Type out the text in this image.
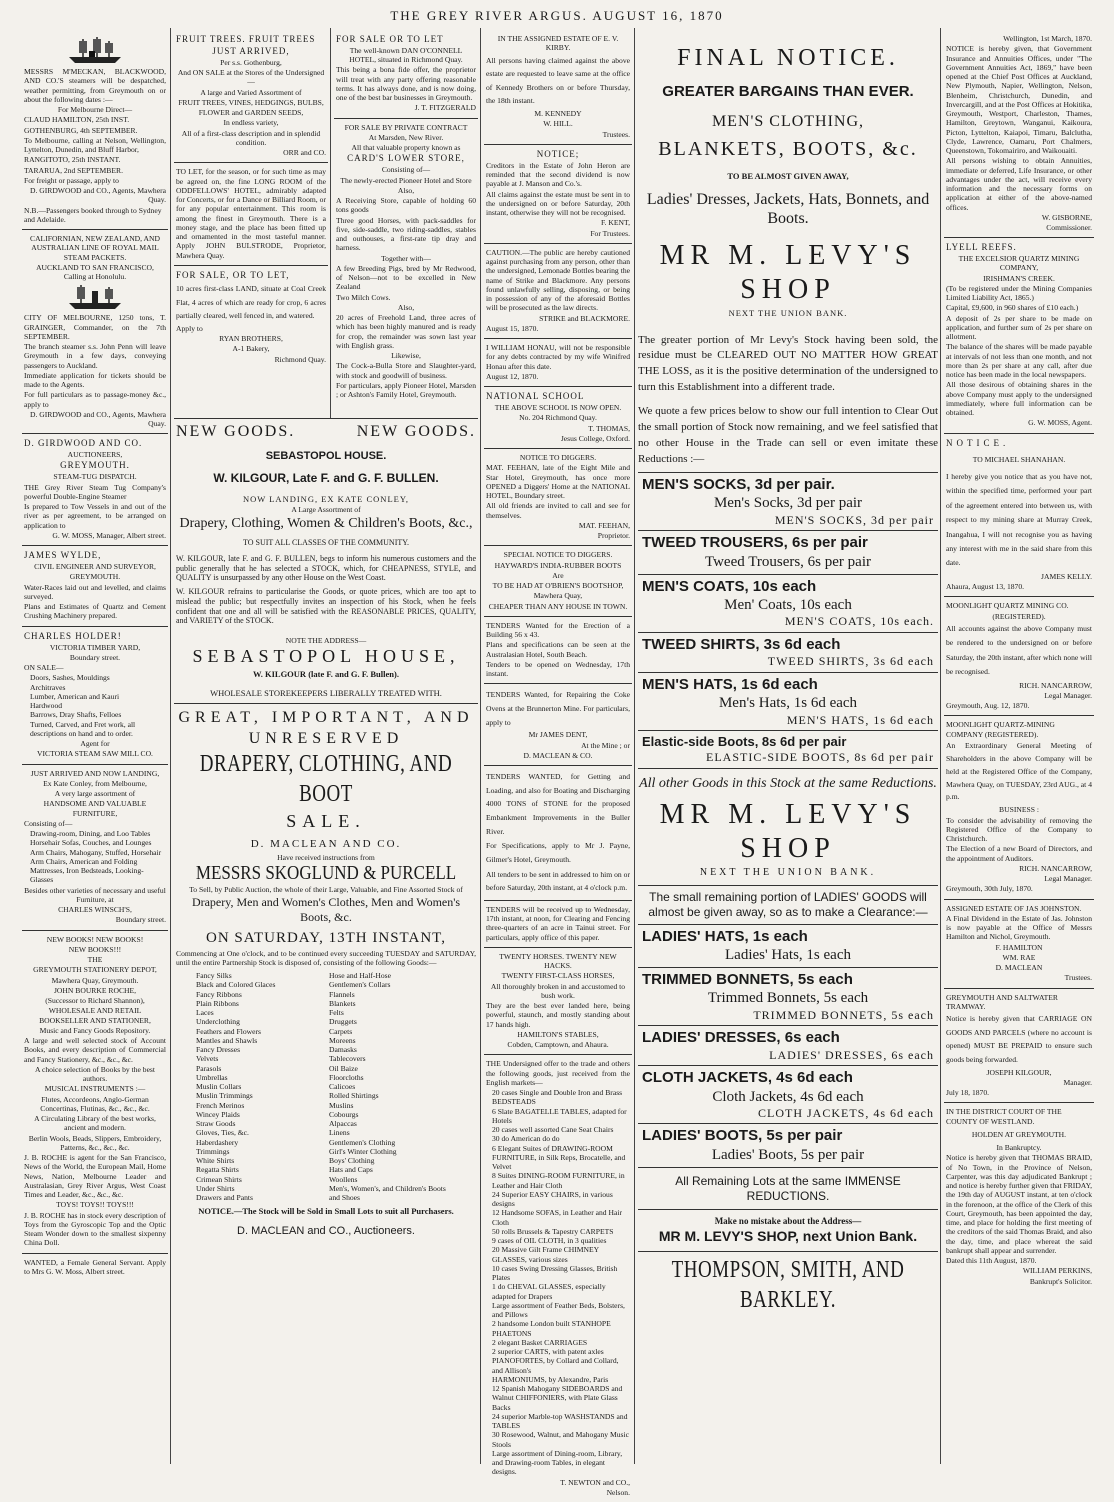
THE GREY RIVER ARGUS. AUGUST 16, 1870

MESSRS M'MECKAN, BLACKWOOD, AND CO.'S steamers will be despatched, weather permitting, from Greymouth on or about the following dates :—

For Melbourne Direct—

CLAUD HAMILTON, 25th INST.

GOTHENBURG, 4th SEPTEMBER.

To Melbourne, calling at Nelson, Wellington, Lyttelton, Dunedin, and Bluff Harbor,

RANGITOTO, 25th INSTANT.

TARARUA, 2nd SEPTEMBER.

For freight or passage, apply to

D. GIRDWOOD and CO., Agents, Mawhera Quay.

N.B.—Passengers booked through to Sydney and Adelaide.

CALIFORNIAN, NEW ZEALAND, AND AUSTRALIAN LINE OF ROYAL MAIL STEAM PACKETS.

AUCKLAND TO SAN FRANCISCO, Calling at Honolulu.

CITY OF MELBOURNE, 1250 tons, T. GRAINGER, Commander, on the 7th SEPTEMBER.

The branch steamer s.s. John Penn will leave Greymouth in a few days, conveying passengers to Auckland.

Immediate application for tickets should be made to the Agents.

For full particulars as to passage-money &c., apply to

D. GIRDWOOD and CO., Agents, Mawhera Quay.

D. GIRDWOOD AND CO.

AUCTIONEERS,

GREYMOUTH.

STEAM-TUG DISPATCH.

THE Grey River Steam Tug Company's powerful Double-Engine Steamer

Is prepared to Tow Vessels in and out of the river as per agreement, to be arranged on application to

G. W. MOSS, Manager, Albert street.

JAMES WYLDE,

CIVIL ENGINEER AND SURVEYOR,

GREYMOUTH.

Water-Races laid out and levelled, and claims surveyed.

Plans and Estimates of Quartz and Cement Crushing Machinery prepared.

CHARLES HOLDER!

VICTORIA TIMBER YARD,

Boundary street.

ON SALE—

Doors, Sashes, Mouldings
Architraves
Lumber, American and Kauri
Hardwood
Barrows, Dray Shafts, Felloes
Turned, Carved, and Fret work, all descriptions on hand and to order.

Agent for

VICTORIA STEAM SAW MILL CO.

JUST ARRIVED AND NOW LANDING,

Ex Kate Conley, from Melbourne,

A very large assortment of

HANDSOME AND VALUABLE FURNITURE,

Consisting of—

Drawing-room, Dining, and Loo Tables
Horsehair Sofas, Couches, and Lounges
Arm Chairs, Mahogany, Stuffed, Horsehair
Arm Chairs, American and Folding
Mattresses, Iron Bedsteads, Looking-Glasses

Besides other varieties of necessary and useful Furniture, at

CHARLES WINSCH'S,

Boundary street.

NEW BOOKS! NEW BOOKS!

NEW BOOKS!!!

THE

GREYMOUTH STATIONERY DEPOT,

Mawhera Quay, Greymouth.

JOHN BOURKE ROCHE,

(Successor to Richard Shannon),

WHOLESALE AND RETAIL BOOKSELLER AND STATIONER,

Music and Fancy Goods Repository.

A large and well selected stock of Account Books, and every description of Commercial and Fancy Stationery, &c., &c., &c.

A choice selection of Books by the best authors.

MUSICAL INSTRUMENTS :—

Flutes, Accordeons, Anglo-German Concertinas, Flutinas, &c., &c., &c.

A Circulating Library of the best works, ancient and modern.

Berlin Wools, Beads, Slippers, Embroidery, Patterns, &c., &c., &c.

J. B. ROCHE is agent for the San Francisco, News of the World, the European Mail, Home News, Nation, Melbourne Leader and Australasian, Grey River Argus, West Coast Times and Leader, &c., &c., &c.

TOYS! TOYS!! TOYS!!!

J. B. ROCHE has in stock every description of Toys from the Gyroscopic Top and the Optic Steam Wonder down to the smallest sixpenny China Doll.

WANTED, a Female General Servant. Apply to Mrs G. W. Moss, Albert street.

FRUIT TREES. FRUIT TREES

JUST ARRIVED,

Per s.s. Gothenburg,

And ON SALE at the Stores of the Undersigned—

A large and Varied Assortment of

FRUIT TREES, VINES, HEDGINGS, BULBS,

FLOWER and GARDEN SEEDS,

In endless variety,

All of a first-class description and in splendid condition.

ORR and CO.

TO LET, for the season, or for such time as may be agreed on, the fine LONG ROOM of the ODDFELLOWS' HOTEL, admirably adapted for Concerts, or for a Dance or Billiard Room, or for any popular entertainment. This room is among the finest in Greymouth. There is a money stage, and the place has been fitted up and ornamented in the most tasteful manner. Apply JOHN BULSTRODE, Proprietor, Mawhera Quay.

FOR SALE, OR TO LET,

10 acres first-class LAND, situate at Coal Creek Flat, 4 acres of which are ready for crop, 6 acres partially cleared, well fenced in, and watered.

Apply to

RYAN BROTHERS,

A-1 Bakery,

Richmond Quay.

FOR SALE OR TO LET

The well-known DAN O'CONNELL HOTEL, situated in Richmond Quay.

This being a bona fide offer, the proprietor will treat with any party offering reasonable terms. It has always done, and is now doing, one of the best bar businesses in Greymouth.

J. T. FITZGERALD

FOR SALE BY PRIVATE CONTRACT

At Marsden, New River.

All that valuable property known as

CARD'S LOWER STORE,

Consisting of—

The newly-erected Pioneer Hotel and Store

Also,

A Receiving Store, capable of holding 60 tons goods

Three good Horses, with pack-saddles for five, side-saddle, two riding-saddles, stables and outhouses, a first-rate tip dray and harness.

Together with—

A few Breeding Pigs, bred by Mr Redwood, of Nelson—not to be excelled in New Zealand

Two Milch Cows.

Also,

20 acres of Freehold Land, three acres of which has been highly manured and is ready for crop, the remainder was sown last year with English grass.

Likewise,

The Cock-a-Bulla Store and Slaughter-yard, with stock and goodwill of business.

For particulars, apply Pioneer Hotel, Marsden ; or Ashton's Family Hotel, Greymouth.

NEW GOODS.	NEW GOODS.

SEBASTOPOL HOUSE.

W. KILGOUR, Late F. and G. F. BULLEN.

NOW LANDING, EX KATE CONLEY,

A Large Assortment of

Drapery, Clothing, Women & Children's Boots, &c.,

TO SUIT ALL CLASSES OF THE COMMUNITY.

W. KILGOUR, late F. and G. F. BULLEN, begs to inform his numerous customers and the public generally that he has selected a STOCK, which, for CHEAPNESS, STYLE, and QUALITY is unsurpassed by any other House on the West Coast.

W. KILGOUR refrains to particularise the Goods, or quote prices, which are too apt to mislead the public; but respectfully invites an inspection of his Stock, when he feels confident that one and all will be satisfied with the REASONABLE PRICES, QUALITY, and VARIETY of the STOCK.

NOTE THE ADDRESS—

SEBASTOPOL HOUSE,

W. KILGOUR (late F. and G. F. Bullen).

WHOLESALE STOREKEEPERS LIBERALLY TREATED WITH.

GREAT, IMPORTANT, AND

UNRESERVED

DRAPERY, CLOTHING, AND BOOT

SALE.

D. MACLEAN AND CO.

Have received instructions from

MESSRS SKOGLUND & PURCELL

To Sell, by Public Auction, the whole of their Large, Valuable, and Fine Assorted Stock of

Drapery, Men and Women's Clothes, Men and Women's Boots, &c.

ON SATURDAY, 13TH INSTANT,

Commencing at One o'clock, and to be continued every succeeding TUESDAY and SATURDAY, until the entire Partnership Stock is disposed of, consisting of the following Goods:—

Fancy Silks
Black and Colored Glaces
Fancy Ribbons
Plain Ribbons
Laces
Underclothing
Feathers and Flowers
Mantles and Shawls
Fancy Dresses
Velvets
Parasols
Umbrellas
Muslin Collars
Muslin Trimmings
French Merinos
Wincey Plaids
Straw Goods
Gloves, Ties, &c.
Haberdashery
Trimmings
White Shirts
Regatta Shirts
Crimean Shirts
Under Shirts
Drawers and Pants
Hose and Half-Hose
Gentlemen's Collars
Flannels
Blankets
Felts
Druggets
Carpets
Moreens
Damasks
Tablecovers
Oil Baize
Floorcloths
Calicoes
Rolled Shirtings
Muslins
Cobourgs
Alpaccas
Linens
Gentlemen's Clothing
Girl's Winter Clothing
Boys' Clothing
Hats and Caps
Woollens
Men's, Women's, and Children's Boots and Shoes

NOTICE.—The Stock will be Sold in Small Lots to suit all Purchasers.

D. MACLEAN and CO., Auctioneers.

IN THE ASSIGNED ESTATE OF E. V. KIRBY.

All persons having claimed against the above estate are requested to leave same at the office of Kennedy Brothers on or before Thursday, the 18th instant.

M. KENNEDY

W. HILL.

Trustees.

NOTICE;

Creditors in the Estate of John Heron are reminded that the second dividend is now payable at J. Manson and Co.'s.

All claims against the estate must be sent in to the undersigned on or before Saturday, 20th instant, otherwise they will not be recognised.

F. KENT,

For Trustees.

CAUTION.—The public are hereby cautioned against purchasing from any person, other than the undersigned, Lemonade Bottles bearing the name of Strike and Blackmore. Any persons found unlawfully selling, disposing, or being in possession of any of the aforesaid Bottles will be prosecuted as the law directs.

STRIKE and BLACKMORE.

August 15, 1870.

I WILLIAM HONAU, will not be responsible for any debts contracted by my wife Winifred Honau after this date.

August 12, 1870.

NATIONAL SCHOOL

THE ABOVE SCHOOL IS NOW OPEN.

No. 204 Richmond Quay.

T. THOMAS,

Jesus College, Oxford.

NOTICE TO DIGGERS.

MAT. FEEHAN, late of the Eight Mile and Star Hotel, Greymouth, has once more OPENED a Diggers' Home at the NATIONAL HOTEL, Boundary street.

All old friends are invited to call and see for themselves.

MAT. FEEHAN,

Proprietor.

SPECIAL NOTICE TO DIGGERS.

HAYWARD'S INDIA-RUBBER BOOTS

Are

TO BE HAD AT O'BRIEN'S BOOTSHOP,

Mawhera Quay,

CHEAPER THAN ANY HOUSE IN TOWN.

TENDERS Wanted for the Erection of a Building 56 x 43.

Plans and specifications can be seen at the Australasian Hotel, South Beach.

Tenders to be opened on Wednesday, 17th instant.

TENDERS Wanted, for Repairing the Coke Ovens at the Brunnerton Mine. For particulars, apply to

Mr JAMES DENT,

At the Mine ; or

D. MACLEAN & CO.

TENDERS WANTED, for Getting and Loading, and also for Boating and Discharging 4000 TONS of STONE for the proposed Embankment Improvements in the Buller River.

For Specifications, apply to Mr J. Payne, Gilmer's Hotel, Greymouth.

All tenders to be sent in addressed to him on or before Saturday, 20th instant, at 4 o'clock p.m.

TENDERS will be received up to Wednesday, 17th instant, at noon, for Clearing and Fencing three-quarters of an acre in Tainui street. For particulars, apply office of this paper.

TWENTY HORSES. TWENTY NEW HACKS.

TWENTY FIRST-CLASS HORSES,

All thoroughly broken in and accustomed to bush work.

They are the best ever landed here, being powerful, staunch, and mostly standing about 17 hands high.

HAMILTON'S STABLES,

Cobden, Camptown, and Ahaura.

THE Undersigned offer to the trade and others the following goods, just received from the English markets—

20 cases Single and Double Iron and Brass BEDSTEADS
6 Slate BAGATELLE TABLES, adapted for Hotels
20 cases well assorted Cane Seat Chairs
30 do American do do
6 Elegant Suites of DRAWING-ROOM FURNITURE, in Silk Reps, Brocatelle, and Velvet
8 Suites DINING-ROOM FURNITURE, in Leather and Hair Cloth
24 Superior EASY CHAIRS, in various designs
12 Handsome SOFAS, in Leather and Hair Cloth
50 rolls Brussels & Tapestry CARPETS
9 cases of OIL CLOTH, in 3 qualities
20 Massive Gilt Frame CHIMNEY GLASSES, various sizes
10 cases Swing Dressing Glasses, British Plates
1 do CHEVAL GLASSES, especially adapted for Drapers
Large assortment of Feather Beds, Bolsters, and Pillows
2 handsome London built STANHOPE PHAETONS
2 elegant Basket CARRIAGES
2 superior CARTS, with patent axles
PIANOFORTES, by Collard and Collard, and Allison's
HARMONIUMS, by Alexandre, Paris
12 Spanish Mahogany SIDEBOARDS and Walnut CHIFFONIERS, with Plate Glass Backs
24 superior Marble-top WASHSTANDS and TABLES
30 Rosewood, Walnut, and Mahogany Music Stools
Large assortment of Dining-room, Library, and Drawing-room Tables, in elegant designs.

T. NEWTON and CO.,

Nelson.

FINAL NOTICE.

GREATER BARGAINS THAN EVER.

MEN'S CLOTHING,

BLANKETS, BOOTS, &c.

TO BE ALMOST GIVEN AWAY,

Ladies' Dresses, Jackets, Hats, Bonnets, and Boots.

MR M. LEVY'S SHOP

NEXT THE UNION BANK.

The greater portion of Mr Levy's Stock having been sold, the residue must be CLEARED OUT NO MATTER HOW GREAT THE LOSS, as it is the positive determination of the undersigned to turn this Establishment into a different trade.

We quote a few prices below to show our full intention to Clear Out the small portion of Stock now remaining, and we feel satisfied that no other House in the Trade can sell or even imitate these Reductions :—

MEN'S SOCKS, 3d per pair.
Men's Socks, 3d per pair
MEN'S SOCKS, 3d per pair
TWEED TROUSERS, 6s per pair
Tweed Trousers, 6s per pair
MEN'S COATS, 10s each
Men' Coats, 10s each
MEN'S COATS, 10s each.
TWEED SHIRTS, 3s 6d each
TWEED SHIRTS, 3s 6d each
MEN'S HATS, 1s 6d each
Men's Hats, 1s 6d each
MEN'S HATS, 1s 6d each
Elastic-side Boots, 8s 6d per pair
ELASTIC-SIDE BOOTS, 8s 6d per pair

All other Goods in this Stock at the same Reductions.

MR M. LEVY'S SHOP

NEXT THE UNION BANK.

The small remaining portion of LADIES' GOODS will almost be given away, so as to make a Clearance:—

LADIES' HATS, 1s each
Ladies' Hats, 1s each
TRIMMED BONNETS, 5s each
Trimmed Bonnets, 5s each
TRIMMED BONNETS, 5s each
LADIES' DRESSES, 6s each
LADIES' DRESSES, 6s each
CLOTH JACKETS, 4s 6d each
Cloth Jackets, 4s 6d each
CLOTH JACKETS, 4s 6d each
LADIES' BOOTS, 5s per pair
Ladies' Boots, 5s per pair

All Remaining Lots at the same IMMENSE REDUCTIONS.

Make no mistake about the Address—

MR M. LEVY'S SHOP, next Union Bank.

THOMPSON, SMITH, AND BARKLEY.

Wellington, 1st March, 1870.

NOTICE is hereby given, that Government Insurance and Annuities Offices, under "The Government Annuities Act, 1869," have been opened at the Chief Post Offices at Auckland, New Plymouth, Napier, Wellington, Nelson, Blenheim, Christchurch, Dunedin, and Invercargill, and at the Post Offices at Hokitika, Greymouth, Westport, Charleston, Thames, Hamilton, Greytown, Wanganui, Kaikoura, Picton, Lyttelton, Kaiapoi, Timaru, Balclutha, Clyde, Lawrence, Oamaru, Port Chalmers, Queenstown, Tokomairiro, and Waikouaiti.

All persons wishing to obtain Annuities, immediate or deferred, Life Insurance, or other advantages under the act, will receive every information and the necessary forms on application at either of the above-named offices.

W. GISBORNE,

Commissioner.

LYELL REEFS.

THE EXCELSIOR QUARTZ MINING COMPANY,

IRISHMAN'S CREEK.

(To be registered under the Mining Companies Limited Liability Act, 1865.)

Capital, £9,600, in 960 shares of £10 each.)

A deposit of 2s per share to be made on application, and further sum of 2s per share on allotment.

The balance of the shares will be made payable at intervals of not less than one month, and not more than 2s per share at any call, after due notice has been made in the local newspapers.

All those desirous of obtaining shares in the above Company must apply to the undersigned immediately, where full information can be obtained.

G. W. MOSS, Agent.

NOTICE.

TO MICHAEL SHANAHAN.

I hereby give you notice that as you have not, within the specified time, performed your part of the agreement entered into between us, with respect to my mining share at Murray Creek, Inangahua, I will not recognise you as having any interest with me in the said share from this date.

JAMES KELLY.

Ahaura, August 13, 1870.

MOONLIGHT QUARTZ MINING CO.

(REGISTERED).

All accounts against the above Company must be rendered to the undersigned on or before Saturday, the 20th instant, after which none will be recognised.

RICH. NANCARROW,

Legal Manager.

Greymouth, Aug. 12, 1870.

MOONLIGHT QUARTZ-MINING COMPANY (REGISTERED).

An Extraordinary General Meeting of Shareholders in the above Company will be held at the Registered Office of the Company, Mawhera Quay, on TUESDAY, 23rd AUG., at 4 p.m.

BUSINESS :

To consider the advisability of removing the Registered Office of the Company to Christchurch.

The Election of a new Board of Directors, and the appointment of Auditors.

RICH. NANCARROW,

Legal Manager.

Greymouth, 30th July, 1870.

ASSIGNED ESTATE OF JAS JOHNSTON.

A Final Dividend in the Estate of Jas. Johnston is now payable at the Office of Messrs Hamilton and Nichol, Greymouth.

F. HAMILTON

WM. RAE

D. MACLEAN

Trustees.

GREYMOUTH AND SALTWATER TRAMWAY.

Notice is hereby given that CARRIAGE ON GOODS AND PARCELS (where no account is opened) MUST BE PREPAID to ensure such goods being forwarded.

JOSEPH KILGOUR,

Manager.

July 18, 1870.

IN THE DISTRICT COURT OF THE COUNTY OF WESTLAND.

HOLDEN AT GREYMOUTH.

In Bankruptcy.

Notice is hereby given that THOMAS BRAID, of No Town, in the Province of Nelson, Carpenter, was this day adjudicated Bankrupt ; and notice is hereby further given that FRIDAY, the 19th day of AUGUST instant, at ten o'clock in the forenoon, at the office of the Clerk of this Court, Greymouth, has been appointed the day, time, and place for holding the first meeting of the creditors of the said Thomas Braid, and also the day, time, and place whereat the said bankrupt shall appear and surrender.

Dated this 11th August, 1870.

WILLIAM PERKINS,

Bankrupt's Solicitor.
